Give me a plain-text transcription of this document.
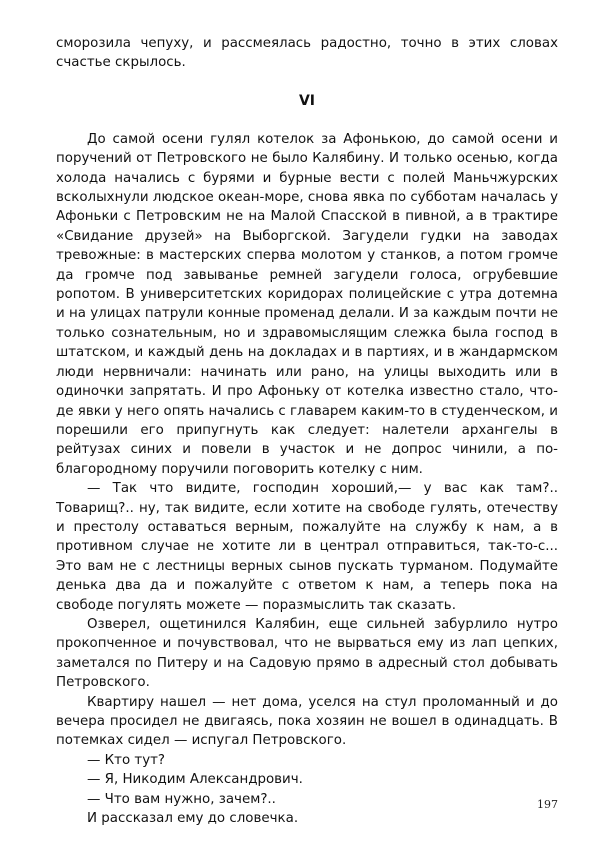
сморозила чепуху, и рассмеялась радостно, точно в этих словах счастье скрылось.

VI

До самой осени гулял котелок за Афонькою, до самой осени и поручений от Петровского не было Калябину. И только осенью, когда холода начались с бурями и бурные вести с полей Маньчжурских всколыхнули людское океан-море, снова явка по субботам началась у Афоньки с Петровским не на Малой Спасской в пивной, а в трактире «Свидание друзей» на Выборгской. Загудели гудки на заводах тревожные: в мастерских сперва молотом у станков, а потом громче да громче под завыванье ремней загудели голоса, огрубевшие ропотом. В университетских коридорах полицейские с утра дотемна и на улицах патрули конные променад делали. И за каждым почти не только сознательным, но и здравомыслящим слежка была господ в штатском, и каждый день на докладах и в партиях, и в жандармском люди нервничали: начинать или рано, на улицы выходить или в одиночки запрятать. И про Афоньку от котелка известно стало, что-де явки у него опять начались с главарем каким-то в студенческом, и порешили его припугнуть как следует: налетели архангелы в рейтузах синих и повели в участок и не допрос чинили, а по-благородному поручили поговорить котелку с ним.

— Так что видите, господин хороший,— у вас как там?.. Товарищ?.. ну, так видите, если хотите на свободе гулять, отечеству и престолу оставаться верным, пожалуйте на службу к нам, а в противном случае не хотите ли в централ отправиться, так-то-с... Это вам не с лестницы верных сынов пускать турманом. Подумайте денька два да и пожалуйте с ответом к нам, а теперь пока на свободе погулять можете — поразмыслить так сказать.

Озверел, ощетинился Калябин, еще сильней забурлило нутро прокопченное и почувствовал, что не вырваться ему из лап цепких, заметался по Питеру и на Садовую прямо в адресный стол добывать Петровского.

Квартиру нашел — нет дома, уселся на стул проломанный и до вечера просидел не двигаясь, пока хозяин не вошел в одинадцать. В потемках сидел — испугал Петровского.

— Кто тут?

— Я, Никодим Александрович.

— Что вам нужно, зачем?..

И рассказал ему до словечка.

197
